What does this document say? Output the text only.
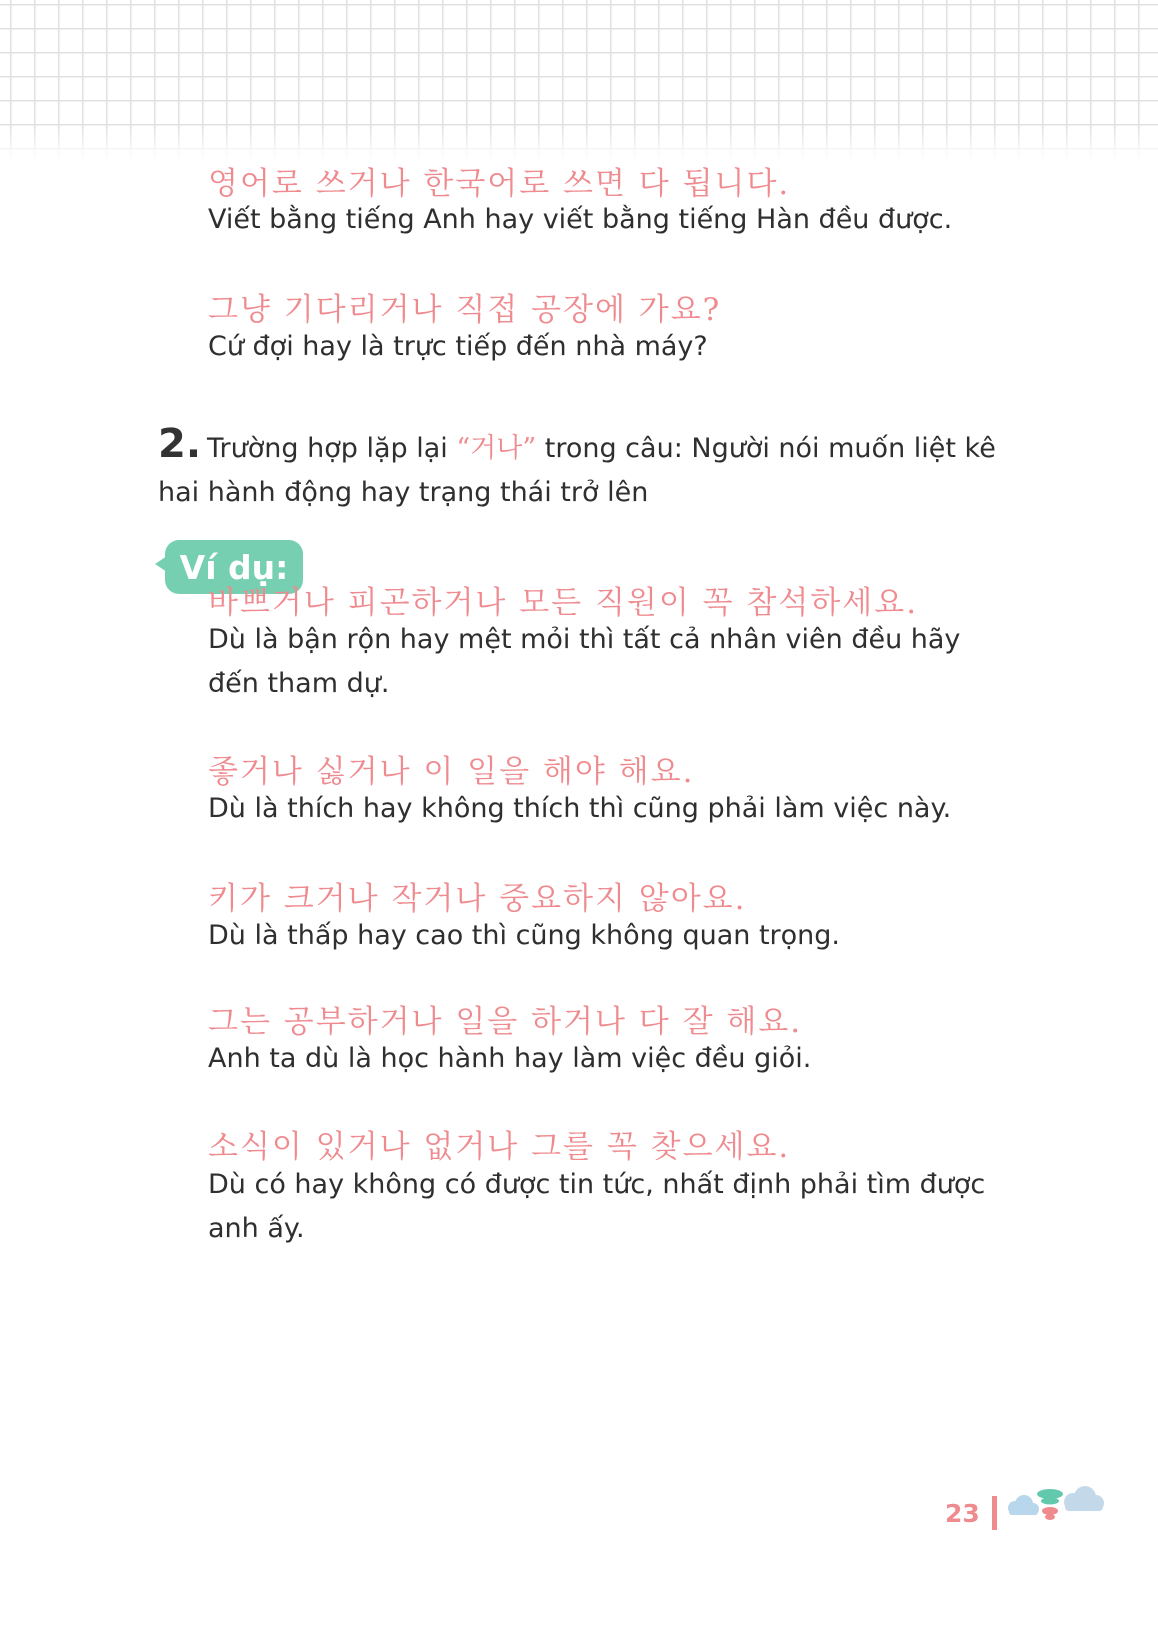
영어로 쓰거나 한국어로 쓰면 다 됩니다.
Viết bằng tiếng Anh hay viết bằng tiếng Hàn đều được.
그냥 기다리거나 직접 공장에 가요?
Cứ đợi hay là trực tiếp đến nhà máy?
2. Trường hợp lặp lại “거나” trong câu: Người nói muốn liệt kê hai hành động hay trạng thái trở lên
Ví dụ:
바쁘거나 피곤하거나 모든 직원이 꼭 참석하세요.
Dù là bận rộn hay mệt mỏi thì tất cả nhân viên đều hãy đến tham dự.
좋거나 싫거나 이 일을 해야 해요.
Dù là thích hay không thích thì cũng phải làm việc này.
키가 크거나 작거나 중요하지 않아요.
Dù là thấp hay cao thì cũng không quan trọng.
그는 공부하거나 일을 하거나 다 잘 해요.
Anh ta dù là học hành hay làm việc đều giỏi.
소식이 있거나 없거나 그를 꼭 찾으세요.
Dù có hay không có được tin tức, nhất định phải tìm được anh ấy.
23
